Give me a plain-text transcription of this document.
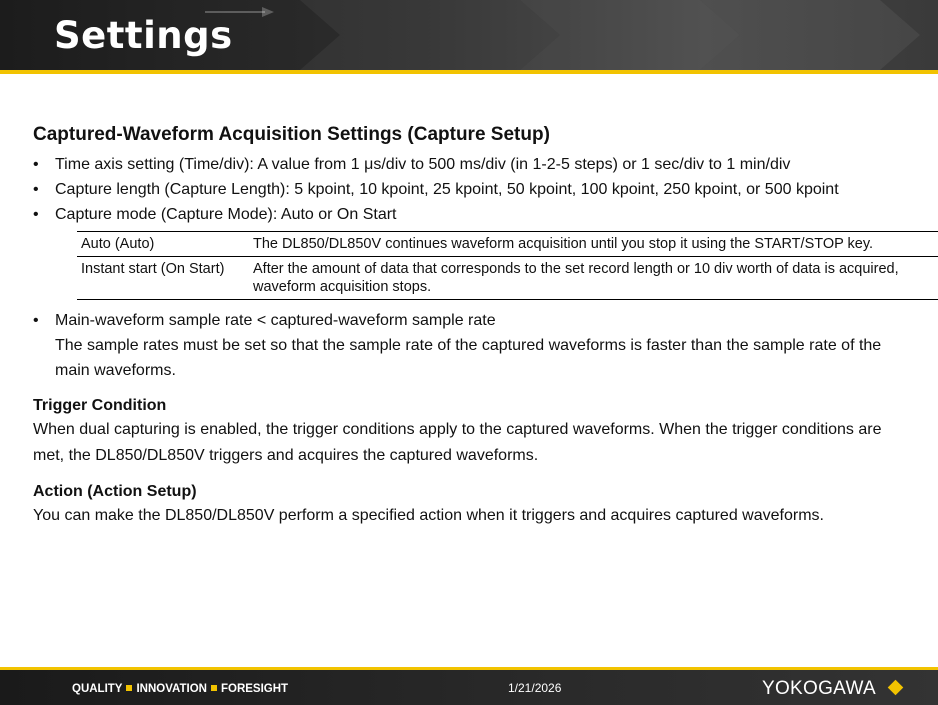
Settings
Captured-Waveform Acquisition Settings (Capture Setup)
• Time axis setting (Time/div): A value from 1 μs/div to 500 ms/div (in 1-2-5 steps) or 1 sec/div to 1 min/div
• Capture length (Capture Length): 5 kpoint, 10 kpoint, 25 kpoint, 50 kpoint, 100 kpoint, 250 kpoint, or 500 kpoint
• Capture mode (Capture Mode): Auto or On Start
Auto (Auto)	The DL850/DL850V continues waveform acquisition until you stop it using the START/STOP key.
Instant start (On Start)	After the amount of data that corresponds to the set record length or 10 div worth of data is acquired, waveform acquisition stops.
• Main-waveform sample rate < captured-waveform sample rate
The sample rates must be set so that the sample rate of the captured waveforms is faster than the sample rate of the main waveforms.
Trigger Condition

When dual capturing is enabled, the trigger conditions apply to the captured waveforms. When the trigger conditions are met, the DL850/DL850V triggers and acquires the captured waveforms.

Action (Action Setup)

You can make the DL850/DL850V perform a specified action when it triggers and acquires captured waveforms.

QUALITY INNOVATION FORESIGHT	1/21/2026	YOKOGAWA
